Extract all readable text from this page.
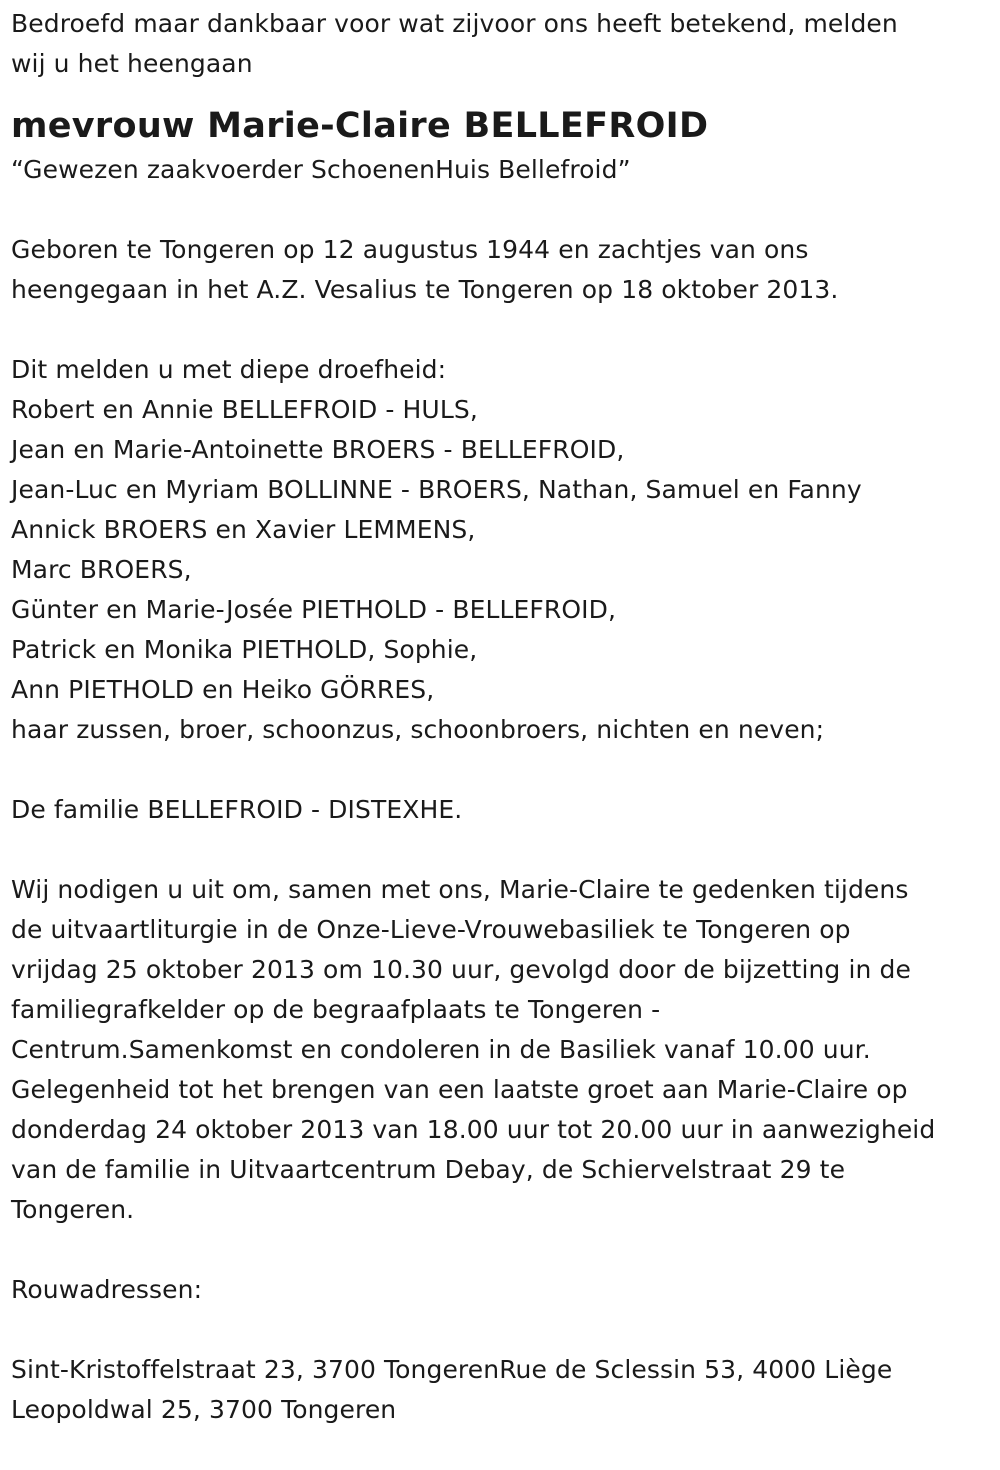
Bedroefd maar dankbaar voor wat zijvoor ons heeft betekend, melden
wij u het heengaan
mevrouw Marie-Claire BELLEFROID
“Gewezen zaakvoerder SchoenenHuis Bellefroid”
Geboren te Tongeren op 12 augustus 1944 en zachtjes van ons
heengegaan in het A.Z. Vesalius te Tongeren op 18 oktober 2013.
Dit melden u met diepe droefheid:
Robert en Annie BELLEFROID - HULS,
Jean en Marie-Antoinette BROERS - BELLEFROID,
Jean-Luc en Myriam BOLLINNE - BROERS, Nathan, Samuel en Fanny
Annick BROERS en Xavier LEMMENS,
Marc BROERS,
Günter en Marie-Josée PIETHOLD - BELLEFROID,
Patrick en Monika PIETHOLD, Sophie,
Ann PIETHOLD en Heiko GÖRRES,
haar zussen, broer, schoonzus, schoonbroers, nichten en neven;
De familie BELLEFROID - DISTEXHE.
Wij nodigen u uit om, samen met ons, Marie-Claire te gedenken tijdens
de uitvaartliturgie in de Onze-Lieve-Vrouwebasiliek te Tongeren op
vrijdag 25 oktober 2013 om 10.30 uur, gevolgd door de bijzetting in de
familiegrafkelder op de begraafplaats te Tongeren -
Centrum.Samenkomst en condoleren in de Basiliek vanaf 10.00 uur.
Gelegenheid tot het brengen van een laatste groet aan Marie-Claire op
donderdag 24 oktober 2013 van 18.00 uur tot 20.00 uur in aanwezigheid
van de familie in Uitvaartcentrum Debay, de Schiervelstraat 29 te
Tongeren.
Rouwadressen:
Sint-Kristoffelstraat 23, 3700 TongerenRue de Sclessin 53, 4000 Liège
Leopoldwal 25, 3700 Tongeren
